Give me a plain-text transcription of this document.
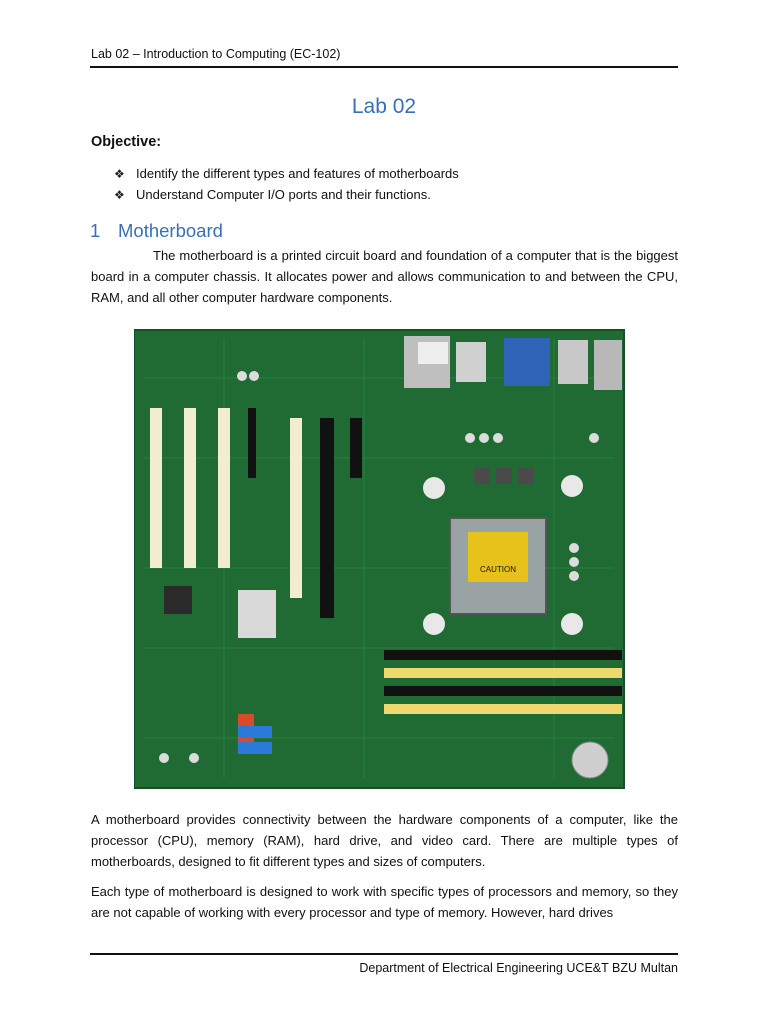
Lab 02 – Introduction to Computing (EC-102)
Lab 02
Objective:
❖ Identify the different types and features of motherboards
❖ Understand Computer I/O ports and their functions.
1 Motherboard

The motherboard is a printed circuit board and foundation of a computer that is the biggest board in a computer chassis. It allocates power and allows communication to and between the CPU, RAM, and all other computer hardware components.

CAUTION

A motherboard provides connectivity between the hardware components of a computer, like the processor (CPU), memory (RAM), hard drive, and video card. There are multiple types of motherboards, designed to fit different types and sizes of computers.

Each type of motherboard is designed to work with specific types of processors and memory, so they are not capable of working with every processor and type of memory. However, hard drives

Department of Electrical Engineering UCE&T BZU Multan
